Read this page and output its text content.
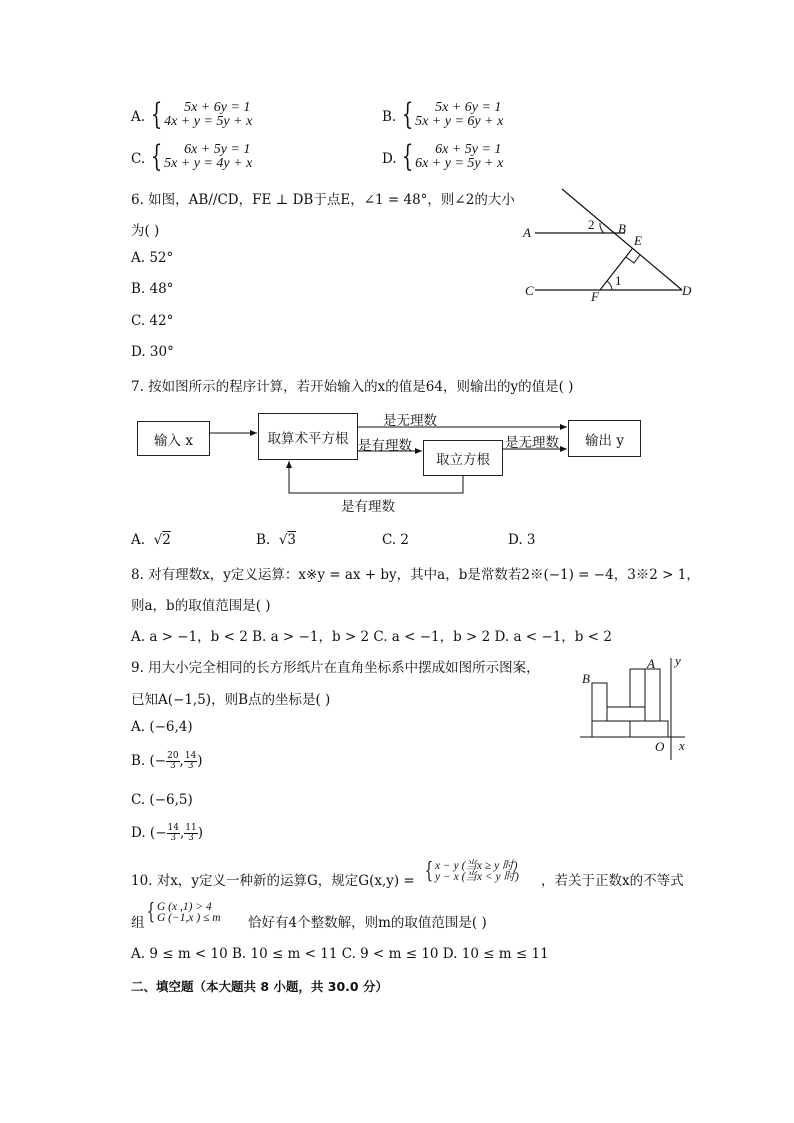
A. {	5x + 6y = 1
4x + y = 5y + x	B. {	5x + 6y = 1
5x + y = 6y + x
C. {	6x + 5y = 1
5x + y = 4y + x	D. {	6x + 5y = 1
6x + y = 5y + x
6. 如图，AB//CD，FE ⊥ DB于点E，∠1 = 48°，则∠2的大小
为( )
A. 52°
B. 48°
C. 42°
D. 30°
A
2 B
E
1
C	F	D
7. 按如图所示的程序计算，若开始输入的x的值是64，则输出的y的值是( )
输入 x	取算术平方根
取立方根
输出 y
是无理数
是有理数	是无理数
是有理数
A. √2	B. √3	C. 2	D. 3
8. 对有理数x，y定义运算：x※y = ax + by，其中a，b是常数若2※(−1) = −4，3※2 > 1，
则a，b的取值范围是( )
A. a > −1，b < 2 B. a > −1，b > 2 C. a < −1，b > 2 D. a < −1，b < 2
9. 用大小完全相同的长方形纸片在直角坐标系中摆成如图所示图案，
已知A(−1,5)，则B点的坐标是( )
A. (−6,4)
B. (− $\frac{20}{3}$ , $\frac{14}{3}$ )
C. (−6,5)
D. (− $\frac{14}{3}$ , $\frac{11}{3}$ )
B
A y
O x
10. 对x，y定义一种新的运算G，规定G(x,y) = { x − y (当x ≥ y 时)
y − x (当x < y 时) ，若关于正数x的不等式
组 { G (x ,1) > 4
G (−1,x ) ≤ m 恰好有4个整数解，则m的取值范围是( )
A. 9 ≤ m < 10 B. 10 ≤ m < 11 C. 9 < m ≤ 10 D. 10 ≤ m ≤ 11
二、填空题（本大题共 8 小题，共 30.0 分）
